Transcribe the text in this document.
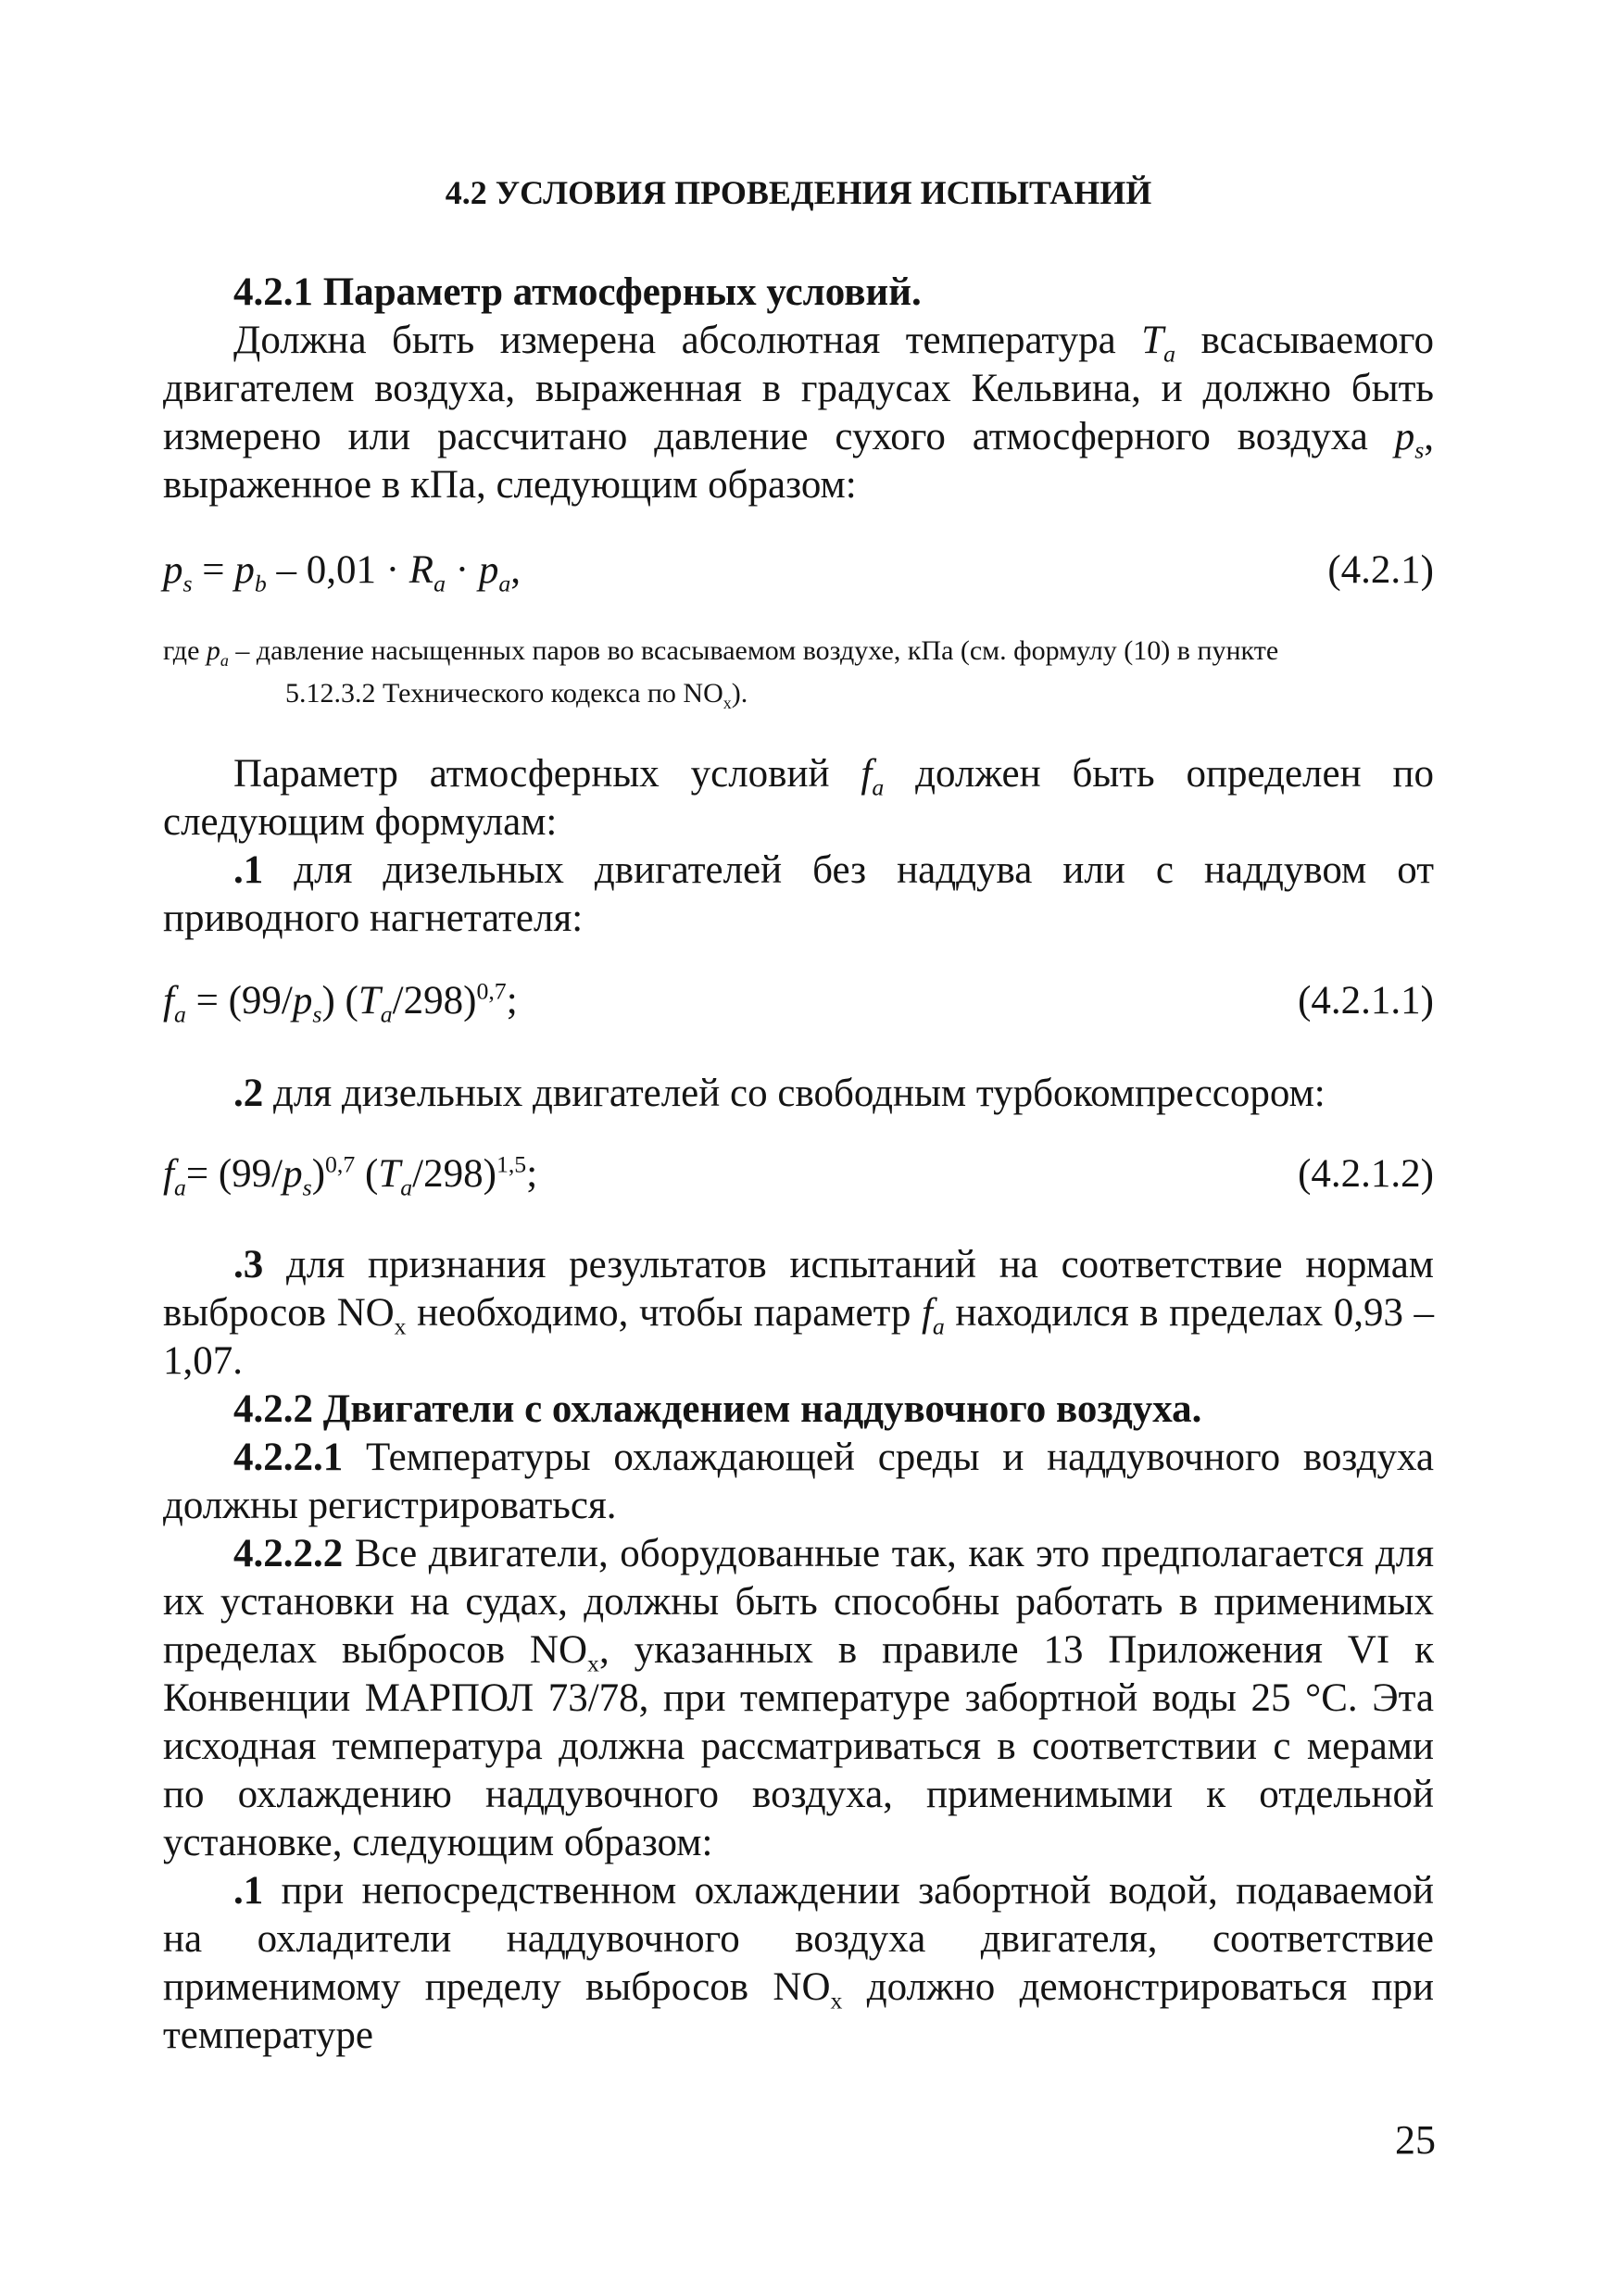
4.2 УСЛОВИЯ ПРОВЕДЕНИЯ ИСПЫТАНИЙ

4.2.1 Параметр атмосферных условий.

Должна быть измерена абсолютная температура $T_a$ всасываемого двигателем воздуха, выраженная в градусах Кельвина, и должно быть измерено или рассчитано давление сухого атмосферного воздуха $p_s$, выраженное в кПа, следующим образом:

$p_s = p_b - 0,01 \cdot R_a \cdot p_a$,	(4.2.1)
где $p_a$ – давление насыщенных паров во всасываемом воздухе, кПа (см. формулу (10) в пункте
5.12.3.2 Технического кодекса по $NO_x$).

Параметр атмосферных условий $f_a$ должен быть определен по следующим формулам:

.1 для дизельных двигателей без наддува или с наддувом от приводного нагнетателя:

$f_a = (99/p_s)$ $(T_a/298)^{0,7}$;	(4.2.1.1)

.2 для дизельных двигателей со свободным турбокомпрессором:

$f_a= (99/p_s)^{0,7}$ $(T_a/298)^{1,5}$;	(4.2.1.2)

.3 для признания результатов испытаний на соответствие нормам выбросов $NO_x$ необходимо, чтобы параметр $f_a$ находился в пределах 0,93 – 1,07.

4.2.2 Двигатели с охлаждением наддувочного воздуха.

4.2.2.1 Температуры охлаждающей среды и наддувочного воздуха должны регистрироваться.

4.2.2.2 Все двигатели, оборудованные так, как это предполагается для их установки на судах, должны быть способны работать в применимых пределах выбросов $NO_x$, указанных в правиле 13 Приложения VI к Конвенции МАРПОЛ 73/78, при температуре забортной воды 25 °С. Эта исходная температура должна рассматриваться в соответствии с мерами по охлаждению наддувочного воздуха, применимыми к отдельной установке, следующим образом:

.1 при непосредственном охлаждении забортной водой, подаваемой на охладители наддувочного воздуха двигателя, соответствие применимому пределу выбросов $NO_x$ должно демонстрироваться при температуре

25
